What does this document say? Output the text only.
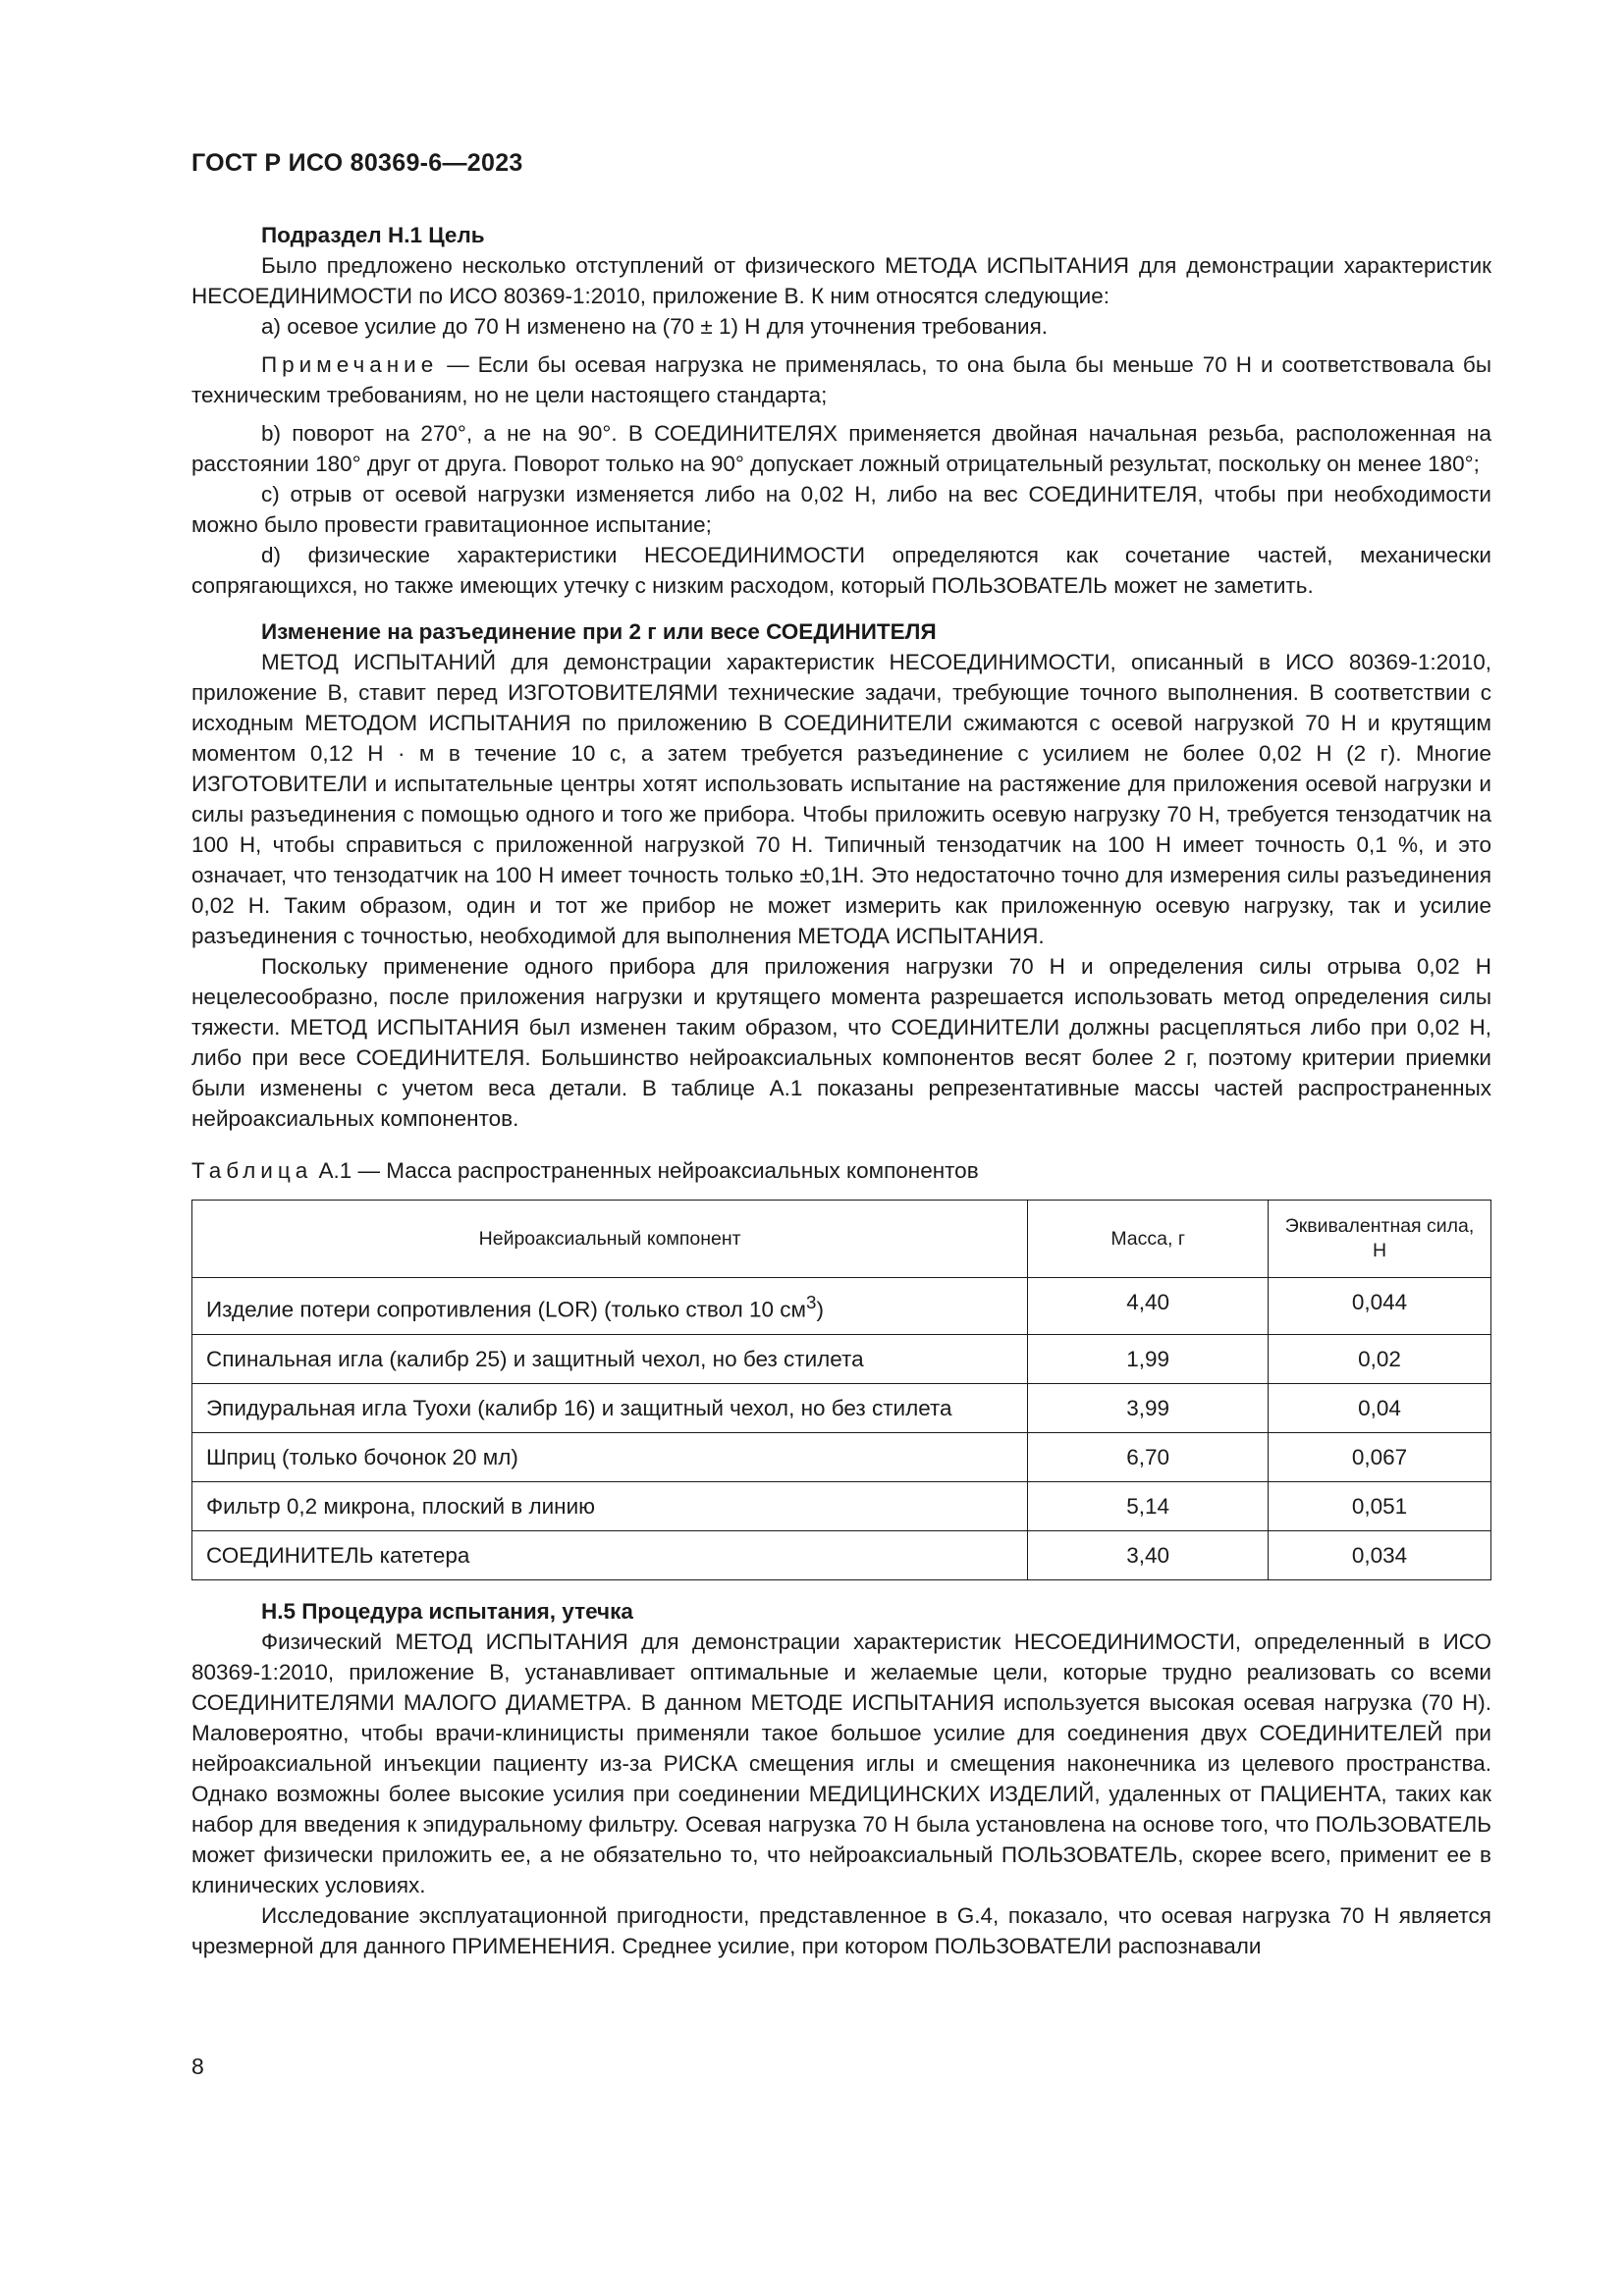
ГОСТ Р ИСО 80369-6—2023
Подраздел H.1 Цель

Было предложено несколько отступлений от физического МЕТОДА ИСПЫТАНИЯ для демонстрации характеристик НЕСОЕДИНИМОСТИ по ИСО 80369-1:2010, приложение B. К ним относятся следующие:

a) осевое усилие до 70 Н изменено на (70 ± 1) Н для уточнения требования.

Примечание — Если бы осевая нагрузка не применялась, то она была бы меньше 70 Н и соответствовала бы техническим требованиям, но не цели настоящего стандарта;

b) поворот на 270°, а не на 90°. В СОЕДИНИТЕЛЯХ применяется двойная начальная резьба, расположенная на расстоянии 180° друг от друга. Поворот только на 90° допускает ложный отрицательный результат, поскольку он менее 180°;

c) отрыв от осевой нагрузки изменяется либо на 0,02 Н, либо на вес СОЕДИНИТЕЛЯ, чтобы при необходимости можно было провести гравитационное испытание;

d) физические характеристики НЕСОЕДИНИМОСТИ определяются как сочетание частей, механически сопрягающихся, но также имеющих утечку с низким расходом, который ПОЛЬЗОВАТЕЛЬ может не заметить.

Изменение на разъединение при 2 г или весе СОЕДИНИТЕЛЯ

МЕТОД ИСПЫТАНИЙ для демонстрации характеристик НЕСОЕДИНИМОСТИ, описанный в ИСО 80369-1:2010, приложение B, ставит перед ИЗГОТОВИТЕЛЯМИ технические задачи, требующие точного выполнения. В соответствии с исходным МЕТОДОМ ИСПЫТАНИЯ по приложению B СОЕДИНИТЕЛИ сжимаются с осевой нагрузкой 70 Н и крутящим моментом 0,12 Н · м в течение 10 с, а затем требуется разъединение с усилием не более 0,02 Н (2 г). Многие ИЗГОТОВИТЕЛИ и испытательные центры хотят использовать испытание на растяжение для приложения осевой нагрузки и силы разъединения с помощью одного и того же прибора. Чтобы приложить осевую нагрузку 70 Н, требуется тензодатчик на 100 Н, чтобы справиться с приложенной нагрузкой 70 Н. Типичный тензодатчик на 100 Н имеет точность 0,1 %, и это означает, что тензодатчик на 100 Н имеет точность только ±0,1Н. Это недостаточно точно для измерения силы разъединения 0,02 Н. Таким образом, один и тот же прибор не может измерить как приложенную осевую нагрузку, так и усилие разъединения с точностью, необходимой для выполнения МЕТОДА ИСПЫТАНИЯ.

Поскольку применение одного прибора для приложения нагрузки 70 Н и определения силы отрыва 0,02 Н нецелесообразно, после приложения нагрузки и крутящего момента разрешается использовать метод определения силы тяжести. МЕТОД ИСПЫТАНИЯ был изменен таким образом, что СОЕДИНИТЕЛИ должны расцепляться либо при 0,02 Н, либо при весе СОЕДИНИТЕЛЯ. Большинство нейроаксиальных компонентов весят более 2 г, поэтому критерии приемки были изменены с учетом веса детали. В таблице A.1 показаны репрезентативные массы частей распространенных нейроаксиальных компонентов.

Таблица A.1 — Масса распространенных нейроаксиальных компонентов
Нейроаксиальный компонент	Масса, г	Эквивалентная сила, Н
Изделие потери сопротивления (LOR) (только ствол 10 $см^3$)	4,40	0,044
Спинальная игла (калибр 25) и защитный чехол, но без стилета	1,99	0,02
Эпидуральная игла Туохи (калибр 16) и защитный чехол, но без стилета	3,99	0,04
Шприц (только бочонок 20 мл)	6,70	0,067
Фильтр 0,2 микрона, плоский в линию	5,14	0,051
СОЕДИНИТЕЛЬ катетера	3,40	0,034
H.5 Процедура испытания, утечка

Физический МЕТОД ИСПЫТАНИЯ для демонстрации характеристик НЕСОЕДИНИМОСТИ, определенный в ИСО 80369-1:2010, приложение B, устанавливает оптимальные и желаемые цели, которые трудно реализовать со всеми СОЕДИНИТЕЛЯМИ МАЛОГО ДИАМЕТРА. В данном МЕТОДЕ ИСПЫТАНИЯ используется высокая осевая нагрузка (70 Н). Маловероятно, чтобы врачи-клиницисты применяли такое большое усилие для соединения двух СОЕДИНИТЕЛЕЙ при нейроаксиальной инъекции пациенту из-за РИСКА смещения иглы и смещения наконечника из целевого пространства. Однако возможны более высокие усилия при соединении МЕДИЦИНСКИХ ИЗДЕЛИЙ, удаленных от ПАЦИЕНТА, таких как набор для введения к эпидуральному фильтру. Осевая нагрузка 70 Н была установлена на основе того, что ПОЛЬЗОВАТЕЛЬ может физически приложить ее, а не обязательно то, что нейроаксиальный ПОЛЬЗОВАТЕЛЬ, скорее всего, применит ее в клинических условиях.

Исследование эксплуатационной пригодности, представленное в G.4, показало, что осевая нагрузка 70 Н является чрезмерной для данного ПРИМЕНЕНИЯ. Среднее усилие, при котором ПОЛЬЗОВАТЕЛИ распознавали

8
